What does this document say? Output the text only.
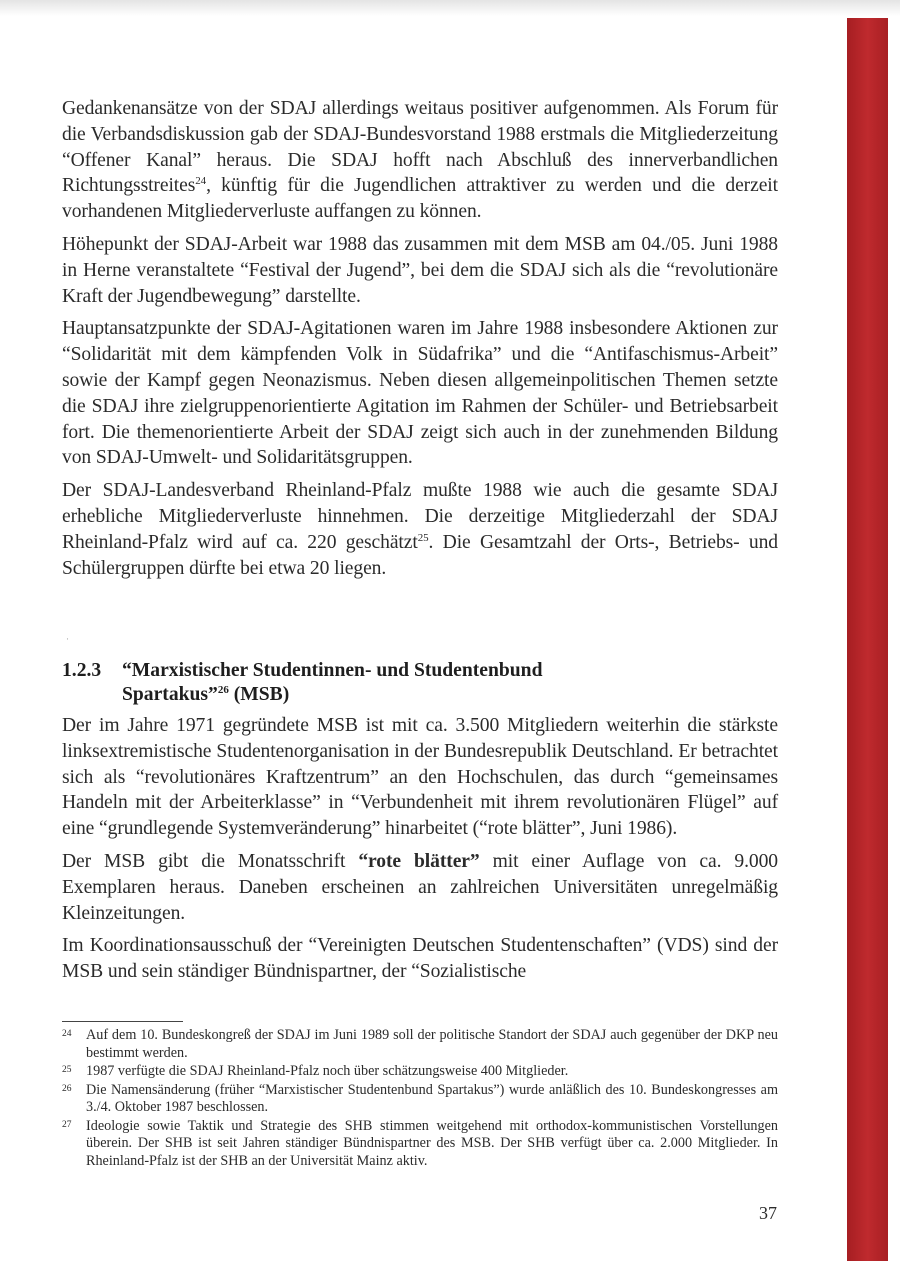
Gedankenansätze von der SDAJ allerdings weitaus positiver aufgenommen. Als Forum für die Verbandsdiskussion gab der SDAJ-Bundesvorstand 1988 erstmals die Mitgliederzeitung “Offener Kanal” heraus. Die SDAJ hofft nach Abschluß des innerverbandlichen Richtungsstreites$^{24}$, künftig für die Jugendlichen attraktiver zu werden und die derzeit vorhandenen Mitgliederverluste auffangen zu können.

Höhepunkt der SDAJ-Arbeit war 1988 das zusammen mit dem MSB am 04./05. Juni 1988 in Herne veranstaltete “Festival der Jugend”, bei dem die SDAJ sich als die “revolutionäre Kraft der Jugendbewegung” darstellte.

Hauptansatzpunkte der SDAJ-Agitationen waren im Jahre 1988 insbesondere Aktionen zur “Solidarität mit dem kämpfenden Volk in Südafrika” und die “Antifaschismus-Arbeit” sowie der Kampf gegen Neonazismus. Neben diesen allgemeinpolitischen Themen setzte die SDAJ ihre zielgruppenorientierte Agitation im Rahmen der Schüler- und Betriebsarbeit fort. Die themenorientierte Arbeit der SDAJ zeigt sich auch in der zunehmenden Bildung von SDAJ-Umwelt- und Solidaritätsgruppen.

Der SDAJ-Landesverband Rheinland-Pfalz mußte 1988 wie auch die gesamte SDAJ erhebliche Mitgliederverluste hinnehmen. Die derzeitige Mitgliederzahl der SDAJ Rheinland-Pfalz wird auf ca. 220 geschätzt$^{25}$. Die Gesamtzahl der Orts-, Betriebs- und Schülergruppen dürfte bei etwa 20 liegen.

·
1.2.3 “Marxistischer Studentinnen- und Studentenbund
Spartakus”$^{26}$ (MSB)

Der im Jahre 1971 gegründete MSB ist mit ca. 3.500 Mitgliedern weiterhin die stärkste linksextremistische Studentenorganisation in der Bundesrepublik Deutschland. Er betrachtet sich als “revolutionäres Kraftzentrum” an den Hochschulen, das durch “gemeinsames Handeln mit der Arbeiterklasse” in “Verbundenheit mit ihrem revolutionären Flügel” auf eine “grundlegende Systemveränderung” hinarbeitet (“rote blätter”, Juni 1986).

Der MSB gibt die Monatsschrift “rote blätter” mit einer Auflage von ca. 9.000 Exemplaren heraus. Daneben erscheinen an zahlreichen Universitäten unregelmäßig Kleinzeitungen.

Im Koordinationsausschuß der “Vereinigten Deutschen Studentenschaften” (VDS) sind der MSB und sein ständiger Bündnispartner, der “Sozialistische

24	Auf dem 10. Bundeskongreß der SDAJ im Juni 1989 soll der politische Standort der SDAJ auch gegenüber der DKP neu bestimmt werden.
25	1987 verfügte die SDAJ Rheinland-Pfalz noch über schätzungsweise 400 Mitglieder.
26	Die Namensänderung (früher “Marxistischer Studentenbund Spartakus”) wurde anläßlich des 10. Bundeskongresses am 3./4. Oktober 1987 beschlossen.
27	Ideologie sowie Taktik und Strategie des SHB stimmen weitgehend mit orthodox-kommunistischen Vorstellungen überein. Der SHB ist seit Jahren ständiger Bündnispartner des MSB. Der SHB verfügt über ca. 2.000 Mitglieder. In Rheinland-Pfalz ist der SHB an der Universität Mainz aktiv.
37
